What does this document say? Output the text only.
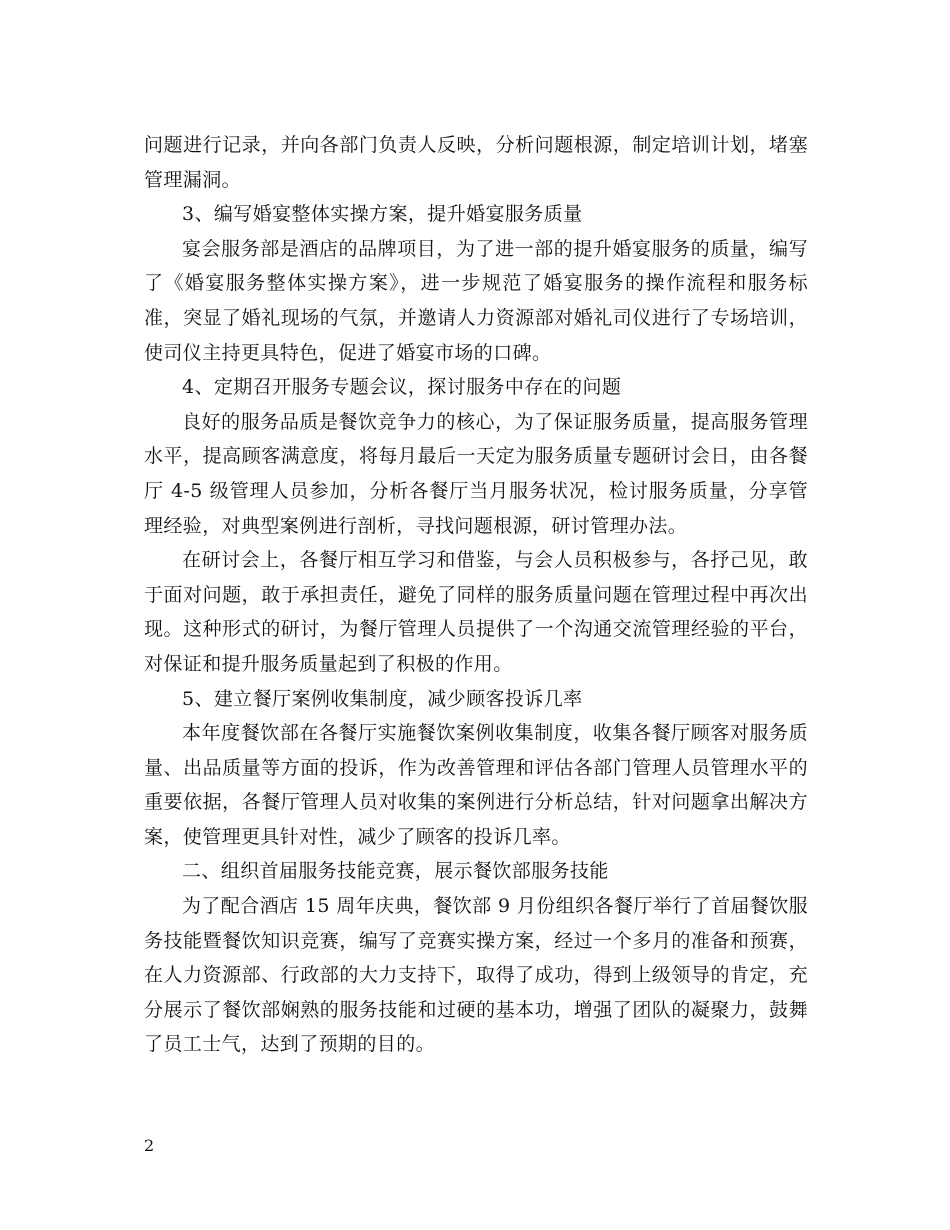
问题进行记录，并向各部门负责人反映，分析问题根源，制定培训计划，堵塞管理漏洞。

3、编写婚宴整体实操方案，提升婚宴服务质量

宴会服务部是酒店的品牌项目，为了进一部的提升婚宴服务的质量，编写了《婚宴服务整体实操方案》，进一步规范了婚宴服务的操作流程和服务标准，突显了婚礼现场的气氛，并邀请人力资源部对婚礼司仪进行了专场培训，使司仪主持更具特色，促进了婚宴市场的口碑。

4、定期召开服务专题会议，探讨服务中存在的问题

良好的服务品质是餐饮竞争力的核心，为了保证服务质量，提高服务管理水平，提高顾客满意度，将每月最后一天定为服务质量专题研讨会日，由各餐厅 4-5 级管理人员参加，分析各餐厅当月服务状况，检讨服务质量，分享管理经验，对典型案例进行剖析，寻找问题根源，研讨管理办法。

在研讨会上，各餐厅相互学习和借鉴，与会人员积极参与，各抒己见，敢于面对问题，敢于承担责任，避免了同样的服务质量问题在管理过程中再次出现。这种形式的研讨，为餐厅管理人员提供了一个沟通交流管理经验的平台，对保证和提升服务质量起到了积极的作用。

5、建立餐厅案例收集制度，减少顾客投诉几率

本年度餐饮部在各餐厅实施餐饮案例收集制度，收集各餐厅顾客对服务质量、出品质量等方面的投诉，作为改善管理和评估各部门管理人员管理水平的重要依据，各餐厅管理人员对收集的案例进行分析总结，针对问题拿出解决方案，使管理更具针对性，减少了顾客的投诉几率。

二、组织首届服务技能竞赛，展示餐饮部服务技能

为了配合酒店 15 周年庆典，餐饮部 9 月份组织各餐厅举行了首届餐饮服务技能暨餐饮知识竞赛，编写了竞赛实操方案，经过一个多月的准备和预赛，在人力资源部、行政部的大力支持下，取得了成功，得到上级领导的肯定，充分展示了餐饮部娴熟的服务技能和过硬的基本功，增强了团队的凝聚力，鼓舞了员工士气，达到了预期的目的。

2
